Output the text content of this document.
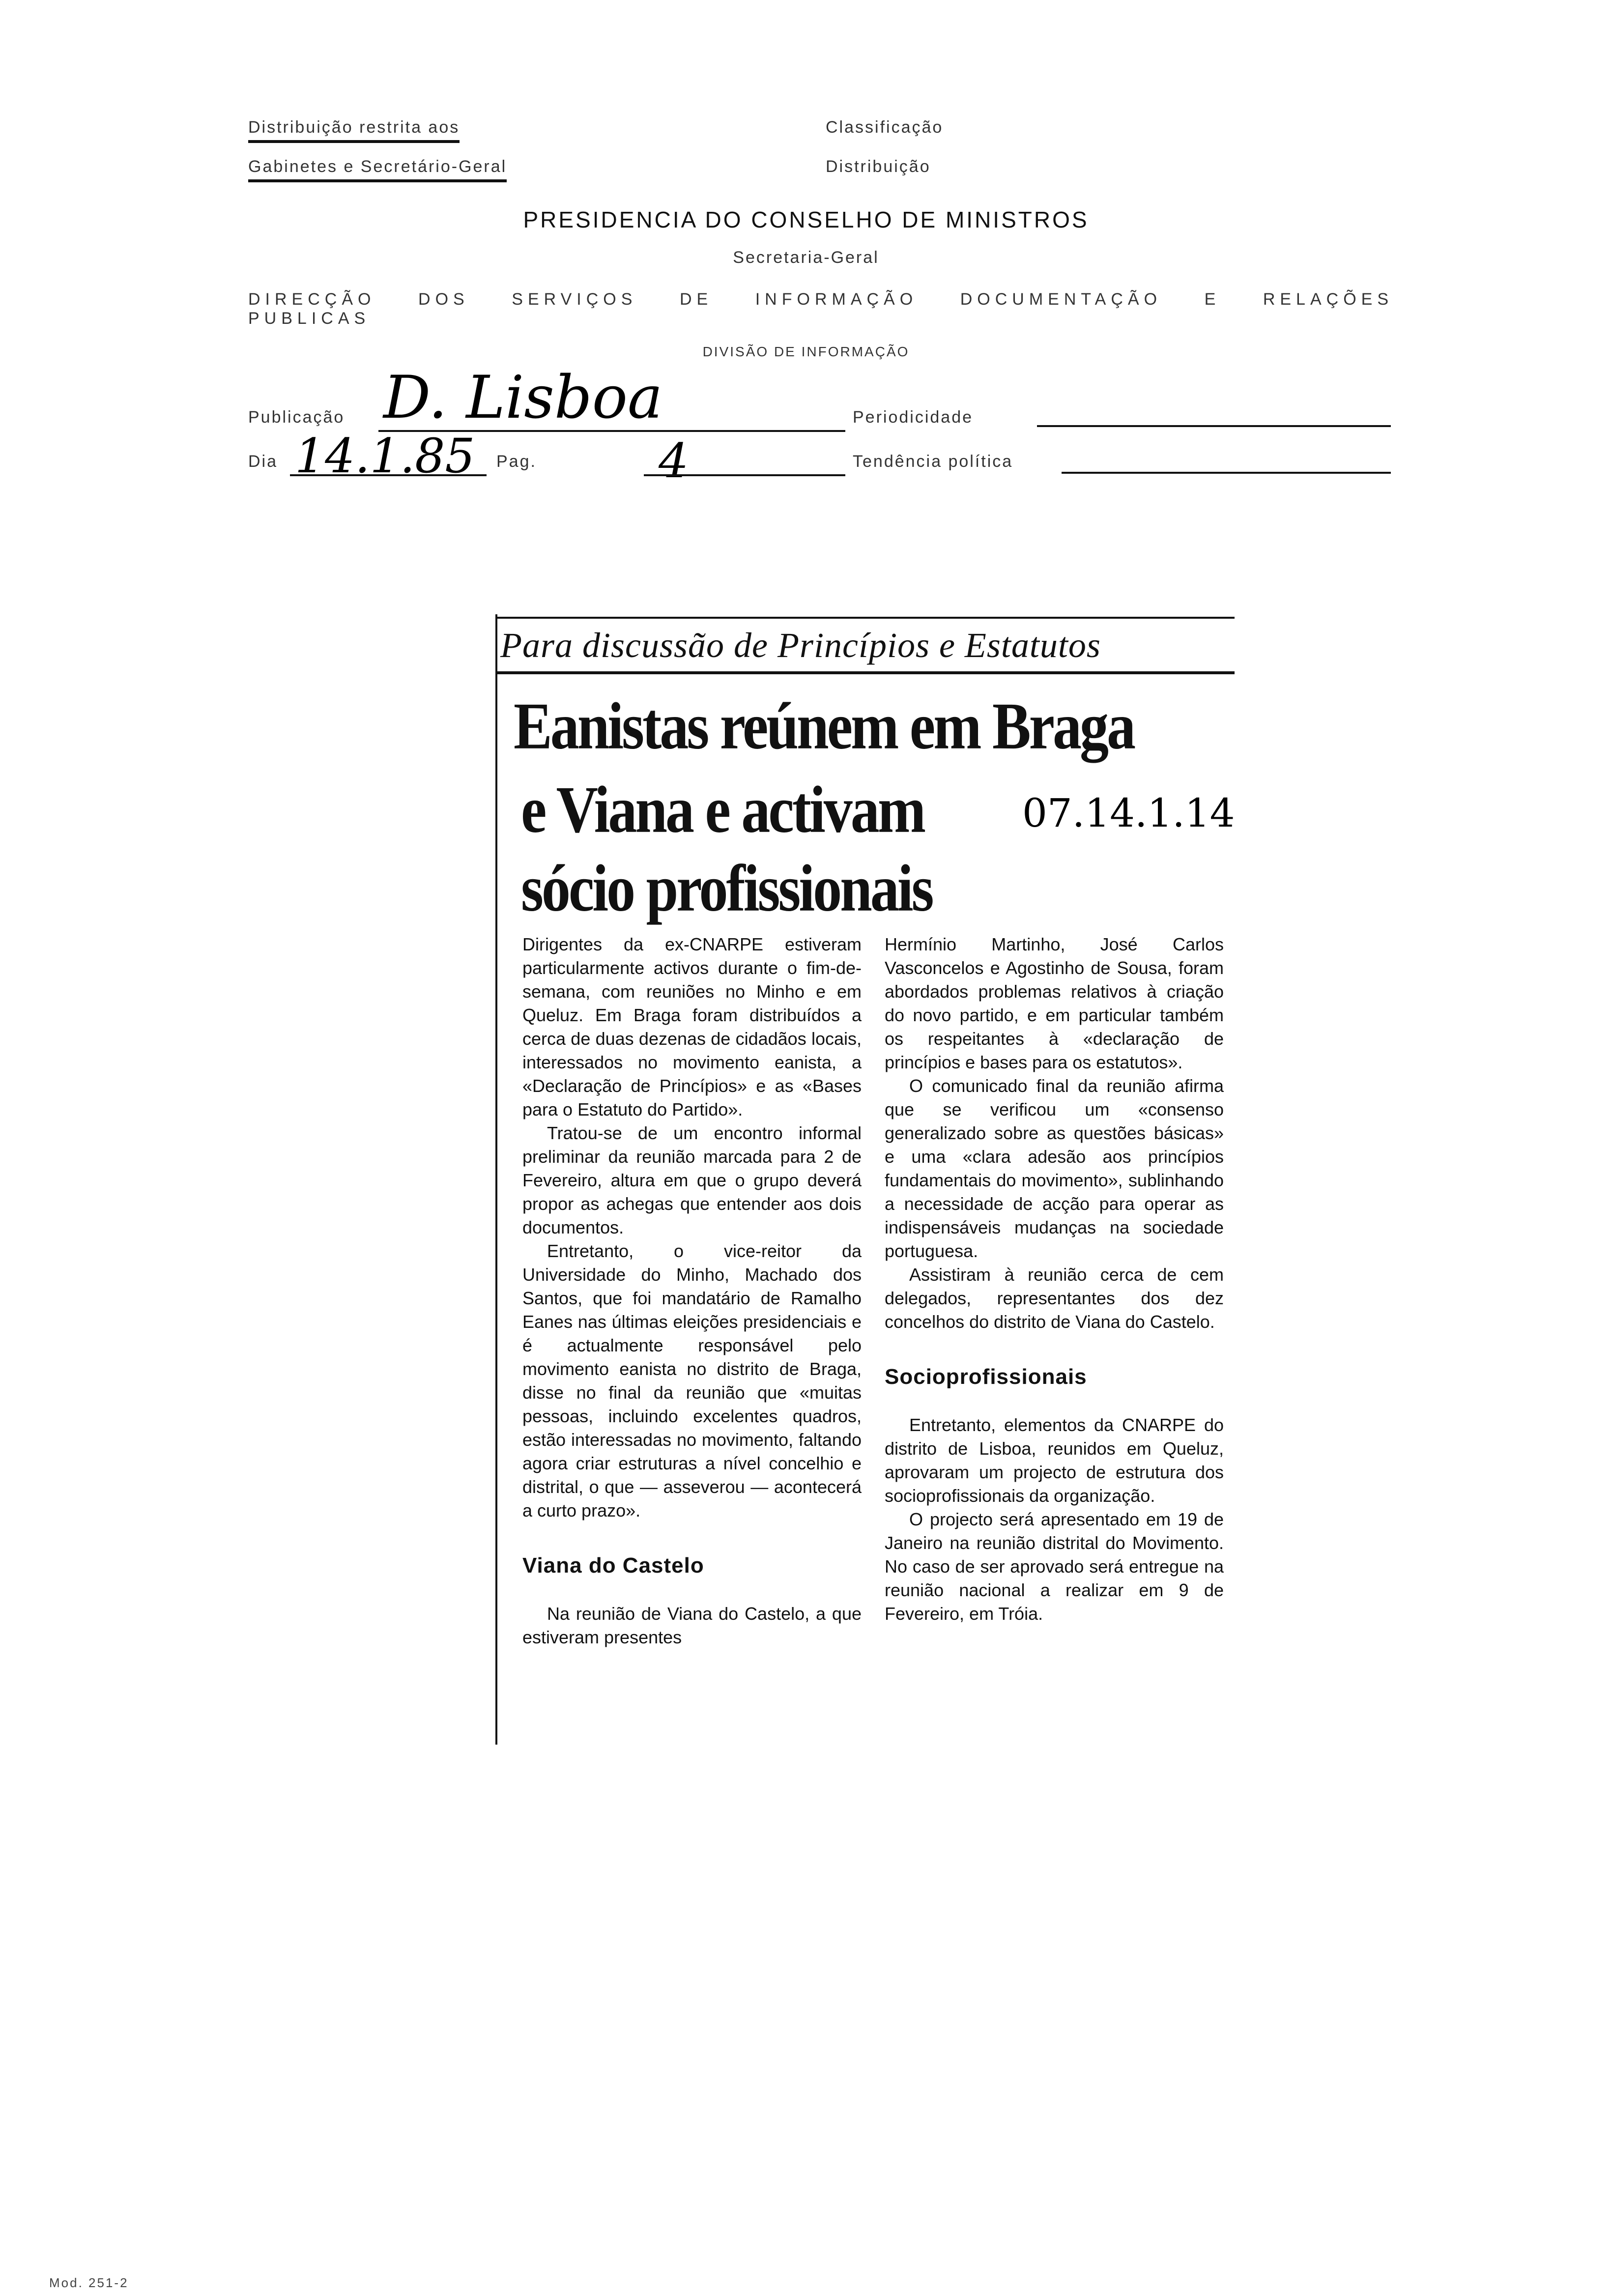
Distribuição restrita aos	Classificação
Gabinetes e Secretário-Geral	Distribuição
PRESIDENCIA DO CONSELHO DE MINISTROS
Secretaria-Geral
DIRECÇÃO DOS SERVIÇOS DE INFORMAÇÃO DOCUMENTAÇÃO E RELAÇÕES PUBLICAS
DIVISÃO DE INFORMAÇÃO
Publicação D. Lisboa	Periodicidade
Dia 14.1.85 Pag.	4	Tendência política
Para discussão de Princípios e Estatutos
07.14.1.14
Eanistas reúnem em Braga
e Viana e activam
sócio profissionais

Dirigentes da ex-CNARPE estiveram particularmente activos durante o fim-de-semana, com reuniões no Minho e em Queluz. Em Braga foram distribuídos a cerca de duas dezenas de cidadãos locais, interessados no movimento eanista, a «Declaração de Princípios» e as «Bases para o Estatuto do Partido».

Tratou-se de um encontro informal preliminar da reunião marcada para 2 de Fevereiro, altura em que o grupo deverá propor as achegas que entender aos dois documentos.

Entretanto, o vice-reitor da Universidade do Minho, Machado dos Santos, que foi mandatário de Ramalho Eanes nas últimas eleições presidenciais e é actualmente responsável pelo movimento eanista no distrito de Braga, disse no final da reunião que «muitas pessoas, incluindo excelentes quadros, estão interessadas no movimento, faltando agora criar estruturas a nível concelhio e distrital, o que — asseverou — acontecerá a curto prazo».

Viana do Castelo

Na reunião de Viana do Castelo, a que estiveram presentes

Hermínio Martinho, José Carlos Vasconcelos e Agostinho de Sousa, foram abordados problemas relativos à criação do novo partido, e em particular também os respeitantes à «declaração de princípios e bases para os estatutos».

O comunicado final da reunião afirma que se verificou um «consenso generalizado sobre as questões básicas» e uma «clara adesão aos princípios fundamentais do movimento», sublinhando a necessidade de acção para operar as indispensáveis mudanças na sociedade portuguesa.

Assistiram à reunião cerca de cem delegados, representantes dos dez concelhos do distrito de Viana do Castelo.

Socioprofissionais

Entretanto, elementos da CNARPE do distrito de Lisboa, reunidos em Queluz, aprovaram um projecto de estrutura dos socioprofissionais da organização.

O projecto será apresentado em 19 de Janeiro na reunião distrital do Movimento. No caso de ser aprovado será entregue na reunião nacional a realizar em 9 de Fevereiro, em Tróia.

Mod. 251-2
